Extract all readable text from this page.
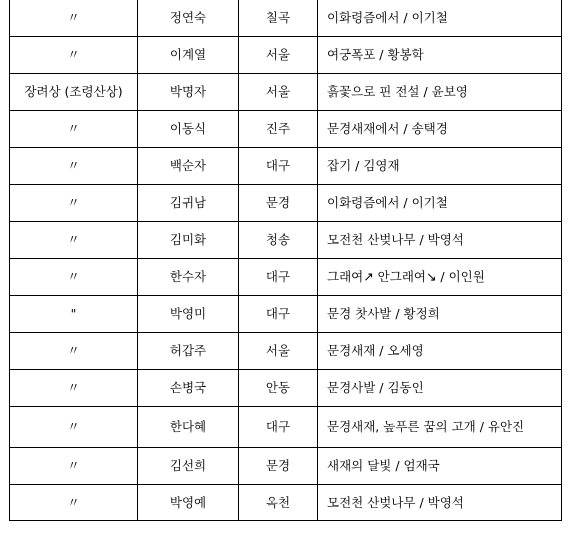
〃	정연숙	칠곡	이화령즘에서 / 이기철
〃	이계열	서울	여궁폭포 / 황봉학
장려상 (조령산상)	박명자	서울	흙꽃으로 핀 전설 / 윤보영
〃	이동식	진주	문경새재에서 / 송택경
〃	백순자	대구	잡기 / 김영재
〃	김귀남	문경	이화령즘에서 / 이기철
〃	김미화	청송	모전천 산벚나무 / 박영석
〃	한수자	대구	그래여↗ 안그래여↘ / 이인원
"	박영미	대구	문경 찻사발 / 황정희
〃	허갑주	서울	문경새재 / 오세영
〃	손병국	안동	문경사발 / 김동인
〃	한다혜	대구	문경새재, 높푸른 꿈의 고개 / 유안진
〃	김선희	문경	새재의 달빛 / 엄재국
〃	박영예	옥천	모전천 산벚나무 / 박영석
